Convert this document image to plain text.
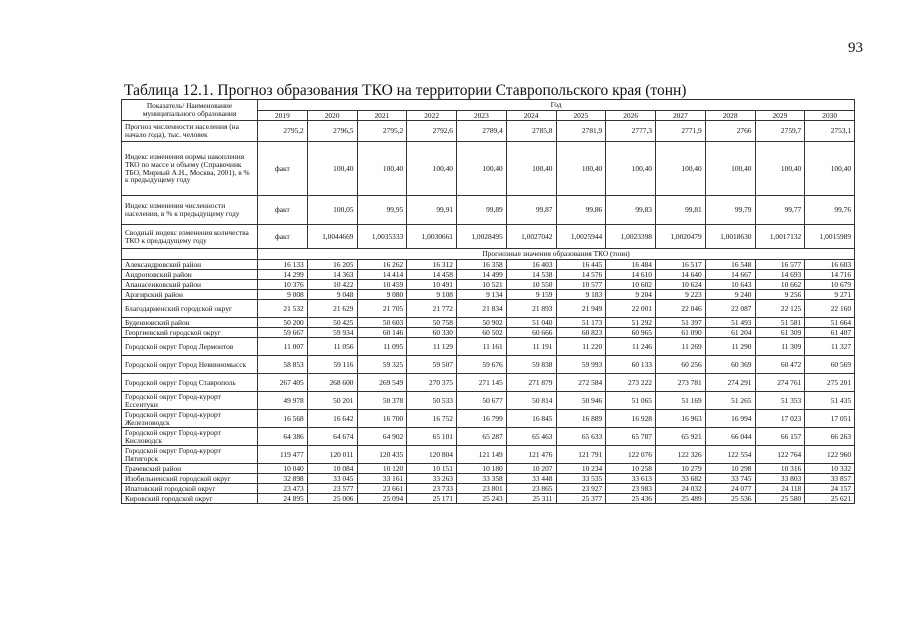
93
Таблица 12.1. Прогноз образования ТКО на территории Ставропольского края (тонн)
Показатель/ Наименование муниципального образования	Год											
	2019	2020	2021	2022	2023	2024	2025	2026	2027	2028	2029	2030
Прогноз численности населения (на начало года), тыс. человек	2795,2	2796,5	2795,2	2792,6	2789,4	2785,8	2781,9	2777,3	2771,9	2766	2759,7	2753,1
Индекс изменения нормы накопления ТКО по массе и объему (Справочник ТБО, Мирный А.Н., Москва, 2001), в % к предыдущему году	факт	100,40	100,40	100,40	100,40	100,40	100,40	100,40	100,40	100,40	100,40	100,40
Индекс изменения численности населения, в % к предыдущему году	факт	100,05	99,95	99,91	99,89	99,87	99,86	99,83	99,81	99,79	99,77	99,76
Сводный индекс изменения количества ТКО к предыдущему году	факт	1,0044669	1,0035333	1,0030661	1,0028495	1,0027042	1,0025944	1,0023398	1,0020479	1,0018630	1,0017132	1,0015989
	Прогнозные значения образования ТКО (тонн)											
Александровский район	16 133	16 205	16 262	16 312	16 358	16 403	16 445	16 484	16 517	16 548	16 577	16 603
Андроповский район	14 299	14 363	14 414	14 458	14 499	14 538	14 576	14 610	14 640	14 667	14 693	14 716
Апанасенковский район	10 376	10 422	10 459	10 491	10 521	10 550	10 577	10 602	10 624	10 643	10 662	10 679
Арзгирский район	9 008	9 048	9 080	9 108	9 134	9 159	9 183	9 204	9 223	9 240	9 256	9 271
Благодарненский городской округ	21 532	21 629	21 705	21 772	21 834	21 893	21 949	22 001	22 046	22 087	22 125	22 160
Буденновский район	50 200	50 425	50 603	50 758	50 902	51 040	51 173	51 292	51 397	51 493	51 581	51 664
Георгиевский городской округ	59 667	59 934	60 146	60 330	60 502	60 666	60 823	60 965	61 090	61 204	61 309	61 407
Городской округ Город Лермонтов	11 007	11 056	11 095	11 129	11 161	11 191	11 220	11 246	11 269	11 290	11 309	11 327
Городской округ Город Невинномысск	58 853	59 116	59 325	59 507	59 676	59 838	59 993	60 133	60 256	60 369	60 472	60 569
Городской округ Город Ставрополь	267 405	268 600	269 549	270 375	271 145	271 879	272 584	273 222	273 781	274 291	274 761	275 201
Городской округ Город-курорт Ессентуки	49 978	50 201	50 378	50 533	50 677	50 814	50 946	51 065	51 169	51 265	51 353	51 435
Городской округ Город-курорт Железноводск	16 568	16 642	16 700	16 752	16 799	16 845	16 889	16 928	16 963	16 994	17 023	17 051
Городской округ Город-курорт Кисловодск	64 386	64 674	64 902	65 101	65 287	65 463	65 633	65 787	65 921	66 044	66 157	66 263
Городской округ Город-курорт Пятигорск	119 477	120 011	120 435	120 804	121 149	121 476	121 791	122 076	122 326	122 554	122 764	122 960
Грачевский район	10 040	10 084	10 120	10 151	10 180	10 207	10 234	10 258	10 279	10 298	10 316	10 332
Изобильненский городской округ	32 898	33 045	33 161	33 263	33 358	33 448	33 535	33 613	33 682	33 745	33 803	33 857
Ипатовский городской округ	23 473	23 577	23 661	23 733	23 801	23 865	23 927	23 983	24 032	24 077	24 118	24 157
Кировский городской округ	24 895	25 006	25 094	25 171	25 243	25 311	25 377	25 436	25 489	25 536	25 580	25 621
